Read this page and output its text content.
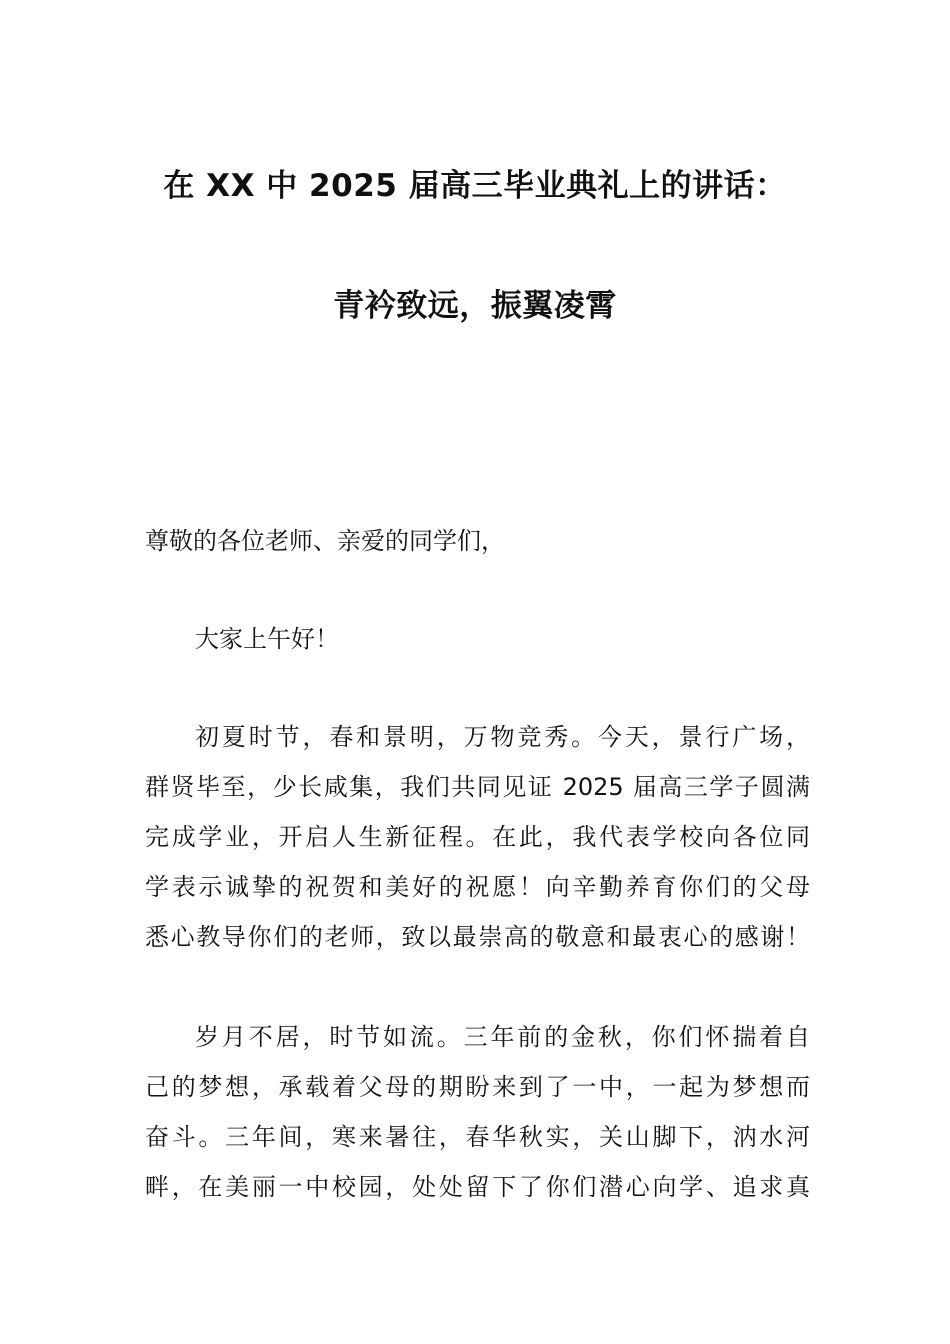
在 XX 中 2025 届高三毕业典礼上的讲话：
青衿致远，振翼凌霄
尊敬的各位老师、亲爱的同学们，
大家上午好！
初夏时节，春和景明，万物竞秀。今天，景行广场，
群贤毕至，少长咸集，我们共同见证 2025 届高三学子圆满
完成学业，开启人生新征程。在此，我代表学校向各位同
学表示诚挚的祝贺和美好的祝愿！向辛勤养育你们的父母
悉心教导你们的老师，致以最崇高的敬意和最衷心的感谢！
岁月不居，时节如流。三年前的金秋，你们怀揣着自
己的梦想，承载着父母的期盼来到了一中，一起为梦想而
奋斗。三年间，寒来暑往，春华秋实，关山脚下，汭水河
畔，在美丽一中校园，处处留下了你们潜心向学、追求真
